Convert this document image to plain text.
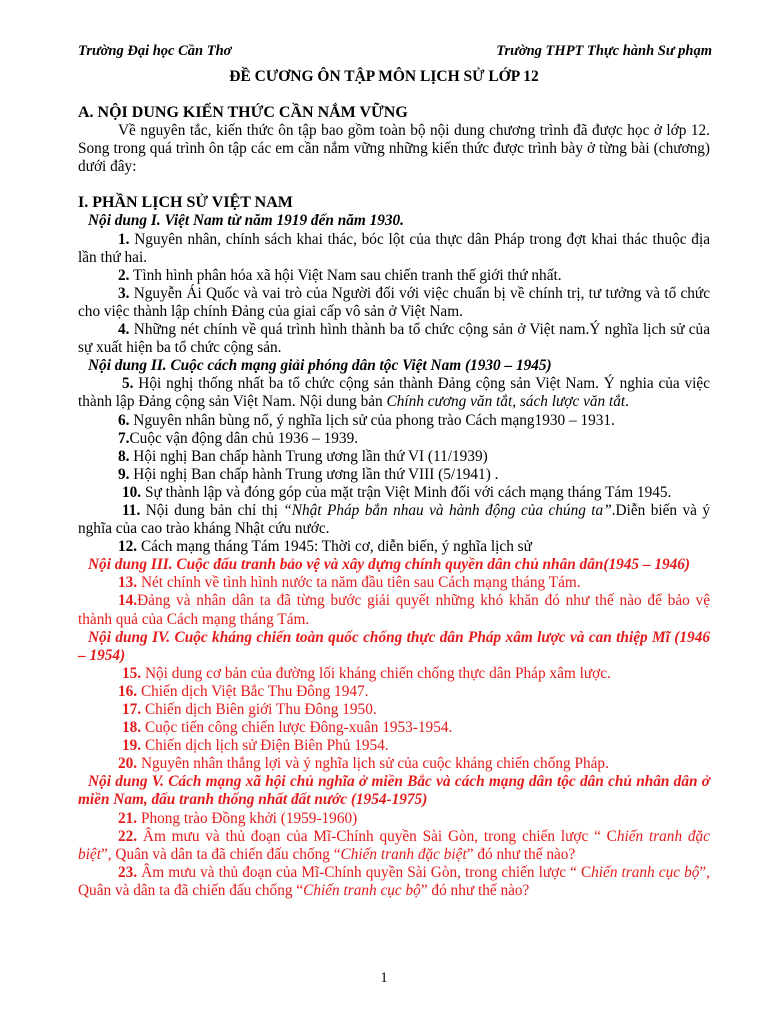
Trường Đại học Cần Thơ	Trường THPT Thực hành Sư phạm
ĐỀ CƯƠNG ÔN TẬP MÔN LỊCH SỬ LỚP 12

A. NỘI DUNG KIẾN THỨC CẦN NẮM VỮNG

Về nguyên tắc, kiến thức ôn tập bao gồm toàn bộ nội dung chương trình đã được học ở lớp 12. Song trong quá trình ôn tập các em cần nắm vững những kiến thức được trình bày ở từng bài (chương) dưới đây:

I. PHẦN LỊCH SỬ VIỆT NAM

Nội dung I. Việt Nam từ năm 1919 đến năm 1930.

1. Nguyên nhân, chính sách khai thác, bóc lột của thực dân Pháp trong đợt khai thác thuộc địa lần thứ hai.

2. Tình hình phân hóa xã hội Việt Nam sau chiến tranh thế giới thứ nhất.

3. Nguyễn Ái Quốc và vai trò của Người đối với việc chuẩn bị về chính trị, tư tưởng và tổ chức cho việc thành lập chính Đảng của giai cấp vô sản ở Việt Nam.

4. Những nét chính về quá trình hình thành ba tổ chức cộng sản ở Việt nam.Ý nghĩa lịch sử của sự xuất hiện ba tổ chức cộng sản.

Nội dung II. Cuộc cách mạng giải phóng dân tộc Việt Nam (1930 – 1945)

5. Hội nghị thống nhất ba tổ chức cộng sản thành Đảng cộng sản Việt Nam. Ý nghia của việc thành lập Đảng cộng sản Việt Nam. Nội dung bản Chính cương văn tắt, sách lược văn tắt.

6. Nguyên nhân bùng nổ, ý nghĩa lịch sử của phong trào Cách mạng1930 – 1931.

7.Cuộc vận động dân chủ 1936 – 1939.

8. Hội nghị Ban chấp hành Trung ương lần thứ VI (11/1939)

9. Hội nghị Ban chấp hành Trung ương lần thứ VIII (5/1941) .

10. Sự thành lập và đóng góp của mặt trận Việt Minh đối với cách mạng tháng Tám 1945.

11. Nội dung bản chỉ thị “Nhật Pháp bắn nhau và hành động của chúng ta”.Diễn biến và ý nghĩa của cao trào kháng Nhật cứu nước.

12. Cách mạng tháng Tám 1945: Thời cơ, diễn biến, ý nghĩa lịch sử

Nội dung III. Cuộc đấu tranh bảo vệ và xây dựng chính quyền dân chủ nhân dân(1945 – 1946)

13. Nét chính về tình hình nước ta năm đầu tiên sau Cách mạng tháng Tám.

14.Đảng và nhân dân ta đã từng bước giải quyết những khó khăn đó như thế nào để bảo vệ thành quả của Cách mạng tháng Tám.

Nội dung IV. Cuộc kháng chiến toàn quốc chống thực dân Pháp xâm lược và can thiệp Mĩ (1946 – 1954)

15. Nội dung cơ bản của đường lối kháng chiến chống thực dân Pháp xâm lược.

16. Chiến dịch Việt Bắc Thu Đông 1947.

17. Chiến dịch Biên giới Thu Đông 1950.

18. Cuộc tiến công chiến lược Đông-xuân 1953-1954.

19. Chiến dịch lịch sử Điện Biên Phủ 1954.

20. Nguyên nhân thắng lợi và ý nghĩa lịch sử của cuộc kháng chiến chống Pháp.

Nội dung V. Cách mạng xã hội chủ nghĩa ở miền Bắc và cách mạng dân tộc dân chủ nhân dân ở miền Nam, đấu tranh thống nhất đất nước (1954-1975)

21. Phong trào Đồng khởi (1959-1960)

22. Âm mưu và thủ đoạn của Mĩ-Chính quyền Sài Gòn, trong chiến lược “ Chiến tranh đặc biệt”, Quân và dân ta đã chiến đấu chống “Chiến tranh đặc biệt” đó như thế nào?

23. Âm mưu và thủ đoạn của Mĩ-Chính quyền Sài Gòn, trong chiến lược “ Chiến tranh cục bộ”, Quân và dân ta đã chiến đấu chống “Chiến tranh cục bộ” đó như thế nào?

1
